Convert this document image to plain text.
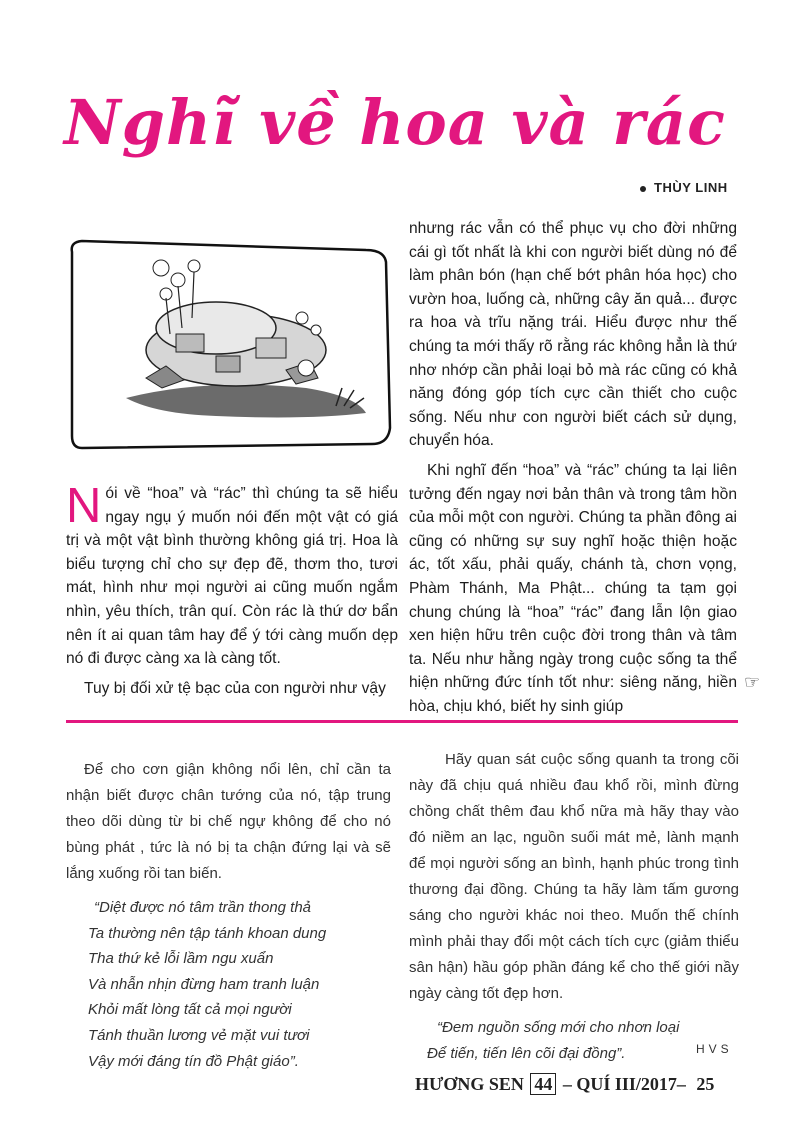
Nghĩ về hoa và rác
THÙY LINH

Nói về “hoa” và “rác” thì chúng ta sẽ hiểu ngay ngụ ý muốn nói đến một vật có giá trị và một vật bình thường không giá trị. Hoa là biểu tượng chỉ cho sự đẹp đẽ, thơm tho, tươi mát, hình như mọi người ai cũng muốn ngắm nhìn, yêu thích, trân quí. Còn rác là thứ dơ bẩn nên ít ai quan tâm hay để ý tới càng muốn dẹp nó đi được càng xa là càng tốt.

Tuy bị đối xử tệ bạc của con người như vậy

nhưng rác vẫn có thể phục vụ cho đời những cái gì tốt nhất là khi con người biết dùng nó để làm phân bón (hạn chế bớt phân hóa học) cho vườn hoa, luống cà, những cây ăn quả... được ra hoa và trĩu nặng trái. Hiểu được như thế chúng ta mới thấy rõ rằng rác không hẳn là thứ nhơ nhớp cần phải loại bỏ mà rác cũng có khả năng đóng góp tích cực cần thiết cho cuộc sống. Nếu như con người biết cách sử dụng, chuyển hóa.

Khi nghĩ đến “hoa” và “rác” chúng ta lại liên tưởng đến ngay nơi bản thân và trong tâm hồn của mỗi một con người. Chúng ta phần đông ai cũng có những sự suy nghĩ hoặc thiện hoặc ác, tốt xấu, phải quấy, chánh tà, chơn vọng, Phàm Thánh, Ma Phật... chúng ta tạm gọi chung chúng là “hoa” “rác” đang lẫn lộn giao xen hiện hữu trên cuộc đời trong thân và tâm ta. Nếu như hằng ngày trong cuộc sống ta thể hiện những đức tính tốt như: siêng năng, hiền hòa, chịu khó, biết hy sinh giúp

☞

Để cho cơn giận không nổi lên, chỉ cần ta nhận biết được chân tướng của nó, tập trung theo dõi dùng từ bi chế ngự không để cho nó bùng phát , tức là nó bị ta chận đứng lại và sẽ lắng xuống rồi tan biến.

“Diệt được nó tâm trần thong thả
Ta thường nên tập tánh khoan dung
Tha thứ kẻ lỗi lầm ngu xuẩn
Và nhẫn nhịn đừng ham tranh luận
Khỏi mất lòng tất cả mọi người
Tánh thuần lương vẻ mặt vui tươi
Vậy mới đáng tín đồ Phật giáo”.

Hãy quan sát cuộc sống quanh ta trong cõi này đã chịu quá nhiều đau khổ rồi, mình đừng chồng chất thêm đau khổ nữa mà hãy thay vào đó niềm an lạc, nguồn suối mát mẻ, lành mạnh để mọi người sống an bình, hạnh phúc trong tình thương đại đồng. Chúng ta hãy làm tấm gương sáng cho người khác noi theo. Muốn thế chính mình phải thay đổi một cách tích cực (giảm thiểu sân hận) hầu góp phần đáng kể cho thế giới nầy ngày càng tốt đẹp hơn.

“Đem nguồn sống mới cho nhơn loại
Để tiến, tiến lên cõi đại đồng”.	HVS
HƯƠNG SEN 44 – QUÍ III/2017– 25
